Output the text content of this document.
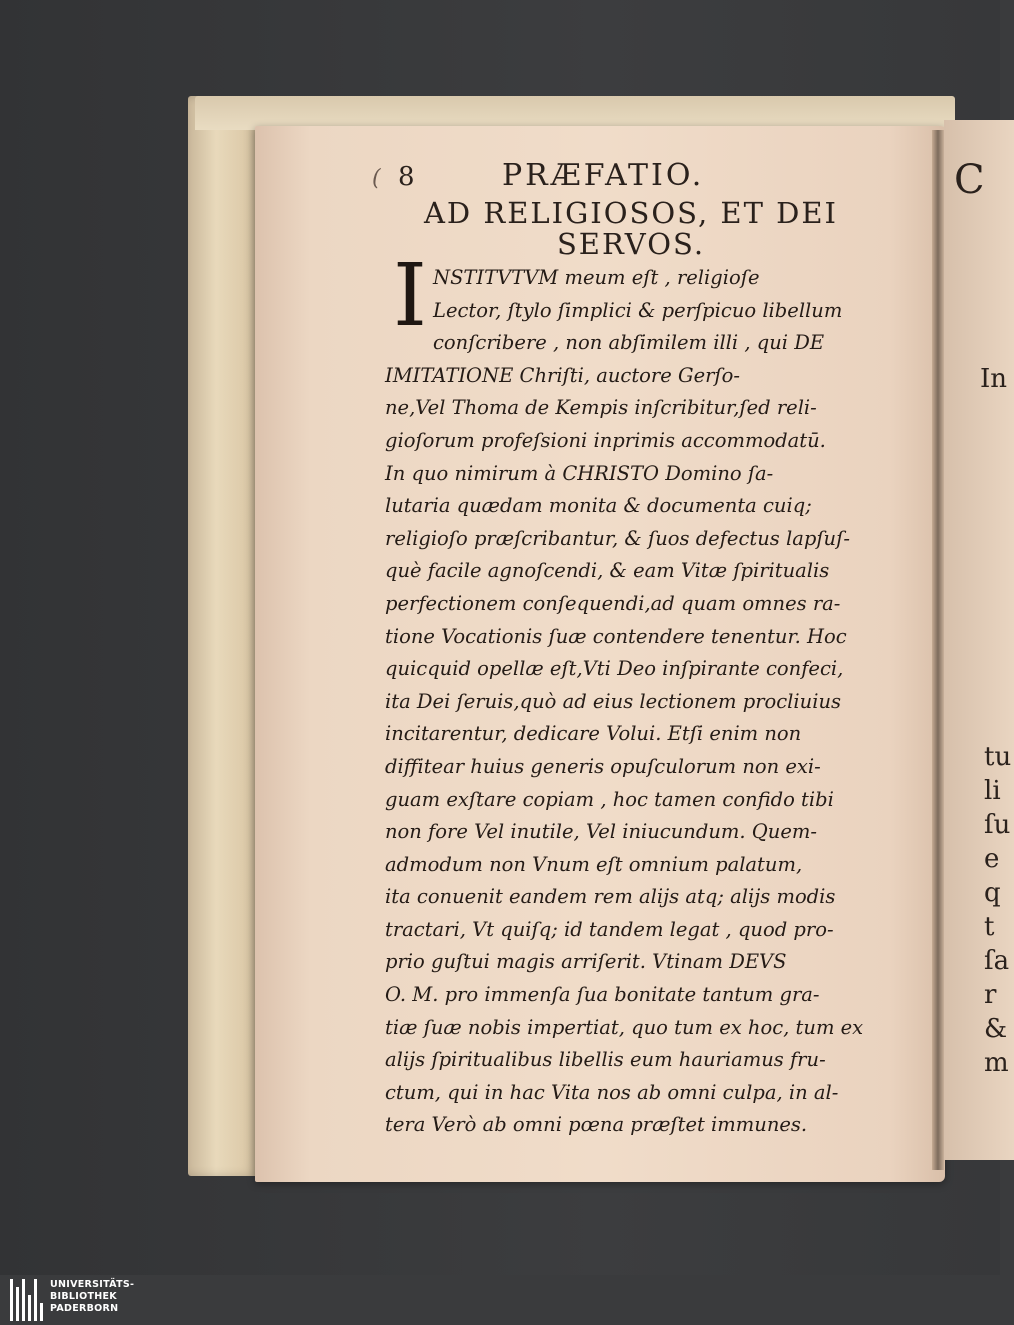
C
In
tu
li
ſu
e
q
t
ſa
r
&
m
( 8	PRÆFATIO.
AD RELIGIOSOS, ET DEI
SERVOS.
I NSTITVTVM meum eſt , religioſe
Lector, ſtylo ſimplici & perſpicuo libellum
conſcribere , non abſimilem illi , qui DE
IMITATIONE Chriſti, auctore Gerſo-
ne,Vel Thoma de Kempis inſcribitur,ſed reli-
gioſorum profeſsioni inprimis accommodatū.
In quo nimirum à CHRISTO Domino ſa-
lutaria quædam monita & documenta cuiq;
religioſo præſcribantur, & ſuos defectus lapſuſ-
què facile agnoſcendi, & eam Vitæ ſpiritualis
perfectionem conſequendi,ad quam omnes ra-
tione Vocationis ſuæ contendere tenentur. Hoc
quicquid opellæ eſt,Vti Deo inſpirante confeci,
ita Dei ſeruis,quò ad eius lectionem procliuius
incitarentur, dedicare Volui. Etſi enim non
diffitear huius generis opuſculorum non exi-
guam exſtare copiam , hoc tamen confido tibi
non fore Vel inutile, Vel iniucundum. Quem-
admodum non Vnum eſt omnium palatum,
ita conuenit eandem rem alijs atq; alijs modis
tractari, Vt quiſq; id tandem legat , quod pro-
prio guſtui magis arriſerit. Vtinam DEVS
O. M. pro immenſa ſua bonitate tantum gra-
tiæ ſuæ nobis impertiat, quo tum ex hoc, tum ex
alijs ſpiritualibus libellis eum hauriamus fru-
ctum, qui in hac Vita nos ab omni culpa, in al-
tera Verò ab omni pœna præſtet immunes.
UNIVERSITÄTS-
BIBLIOTHEK
PADERBORN
